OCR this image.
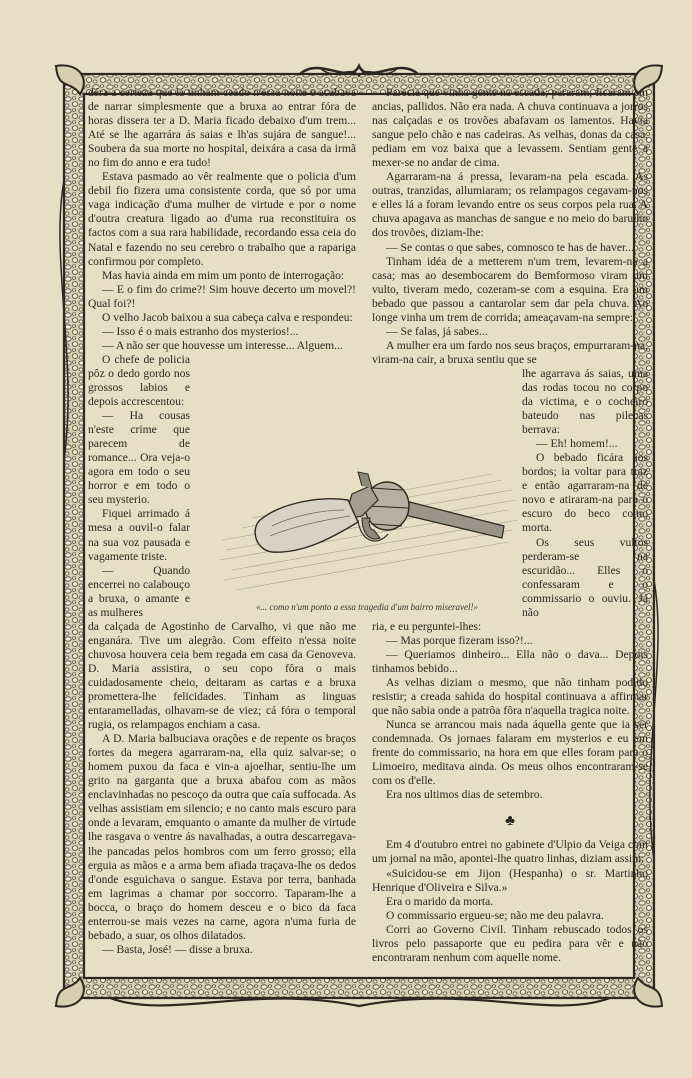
déra a certeza que lá tinham ceado n'essa noite e acabava de narrar simplesmente que a bruxa ao entrar fóra de horas dissera ter a D. Maria ficado debaixo d'um trem... Até se lhe agarrára ás saias e lh'as sujára de sangue!... Soubera da sua morte no hospital, deixára a casa da irmã no fim do anno e era tudo!

Estava pasmado ao vêr realmente que o policia d'um debil fio fizera uma consistente corda, que só por uma vaga indicação d'uma mulher de virtude e por o nome d'outra creatura ligado ao d'uma rua reconstituira os factos com a sua rara habilidade, recordando essa ceia do Natal e fazendo no seu cerebro o trabalho que a rapariga confirmou por completo.

Mas havia ainda em mim um ponto de interrogação:

— E o fim do crime?! Sim houve decerto um movel?! Qual foi?!

O velho Jacob baixou a sua cabeça calva e respondeu:

— Isso é o mais estranho dos mysterios!...

— A não ser que houvesse um interesse... Alguem...

O chefe de policia pôz o dedo gordo nos grossos labios e depois accrescentou:

— Ha cousas n'este crime que parecem de romance... Ora veja-o agora em todo o seu horror e em todo o seu mysterio.

Fiquei arrimado á mesa a ouvil-o falar na sua voz pausada e vagamente triste.

— Quando encerrei no calabouço a bruxa, o amante e as mulheres

da calçada de Agostinho de Carvalho, vi que não me enganára. Tive um alegrão. Com effeito n'essa noite chuvosa houvera ceia bem regada em casa da Genoveva. D. Maria assistira, o seu copo fôra o mais cuidadosamente cheio, deitaram as cartas e a bruxa promettera-lhe felicidades. Tinham as linguas entaramelladas, olhavam-se de viez; cá fóra o temporal rugia, os relampagos enchiam a casa.

A D. Maria balbuciava orações e de repente os braços fortes da megera agarraram-na, ella quiz salvar-se; o homem puxou da faca e vin-a ajoelhar, sentiu-lhe um grito na garganta que a bruxa abafou com as mãos enclavinhadas no pescoço da outra que caía suffocada. As velhas assistiam em silencio; e no canto mais escuro para onde a levaram, emquanto o amante da mulher de virtude lhe rasgava o ventre ás navalhadas, a outra descarregava-lhe pancadas pelos hombros com um ferro grosso; ella erguia as mãos e a arma bem afiada traçava-lhe os dedos d'onde esguichava o sangue. Estava por terra, banhada em lagrimas a chamar por soccorro. Taparam-lhe a bocca, o braço do homem desceu e o bico da faca enterrou-se mais vezes na carne, agora n'uma furia de bebado, a suar, os olhos dilatados.

— Basta, José! — disse a bruxa.

Parecia que vinha gente na escada; pararam, ficaram em ancias, pallidos. Não era nada. A chuva continuava a jorros nas calçadas e os trovões abafavam os lamentos. Havia sangue pelo chão e nas cadeiras. As velhas, donas da casa, pediam em voz baixa que a levassem. Sentiam gente a mexer-se no andar de cima.

Agarraram-na á pressa, levaram-na pela escada. As outras, tranzidas, allumiaram; os relampagos cegavam-nos e elles lá a foram levando entre os seus corpos pela rua. A chuva apagava as manchas de sangue e no meio do barulho dos trovões, diziam-lhe:

— Se contas o que sabes, comnosco te has de haver...

Tinham idéa de a metterem n'um trem, levarem-na a casa; mas ao desembocarem do Bemformoso viram um vulto, tiveram medo, cozeram-se com a esquina. Era um bebado que passou a cantarolar sem dar pela chuva. Ao longe vinha um trem de corrida; ameaçavam-na sempre:

— Se falas, já sabes...

A mulher era um fardo nos seus braços, empurraram-na, viram-na cair, a bruxa sentiu que se

lhe agarrava ás saias, uma das rodas tocou no corpo da victima, e o cocheiro bateudo nas pilecas berrava:

— Eh! homem!...

O bebado ficára aos bordos; ia voltar para traz e então agarraram-na de novo e atiraram-na para o escuro do beco como morta.

Os seus vultos perderam-se na escuridão... Elles o confessaram e o commissario o ouviu. Já não

ria, e eu perguntei-lhes:

— Mas porque fizeram isso?!...

— Queriamos dinheiro... Ella não o dava... Depois tinhamos bebido...

As velhas diziam o mesmo, que não tinham podido resistir; a creada sahida do hospital continuava a affirmar que não sabia onde a patrôa fôra n'aquella tragica noite.

Nunca se arrancou mais nada áquella gente que ia ser condemnada. Os jornaes falaram em mysterios e eu em frente do commissario, na hora em que elles foram para o Limoeiro, meditava ainda. Os meus olhos encontraram-se com os d'elle.

Era nos ultimos dias de setembro.

♣

Em 4 d'outubro entrei no gabinete d'Ulpio da Veiga com um jornal na mão, apontei-lhe quatro linhas, diziam assim:

«Suicidou-se em Jijon (Hespanha) o sr. Martinho Henrique d'Oliveira e Silva.»

Era o marido da morta.

O commissario ergueu-se; não me deu palavra.

Corri ao Governo Civil. Tinham rebuscado todos os livros pelo passaporte que eu pedira para vêr e não encontraram nenhum com aquelle nome.

«... como n'um ponto a essa tragedia d'um bairro miseravel!»
